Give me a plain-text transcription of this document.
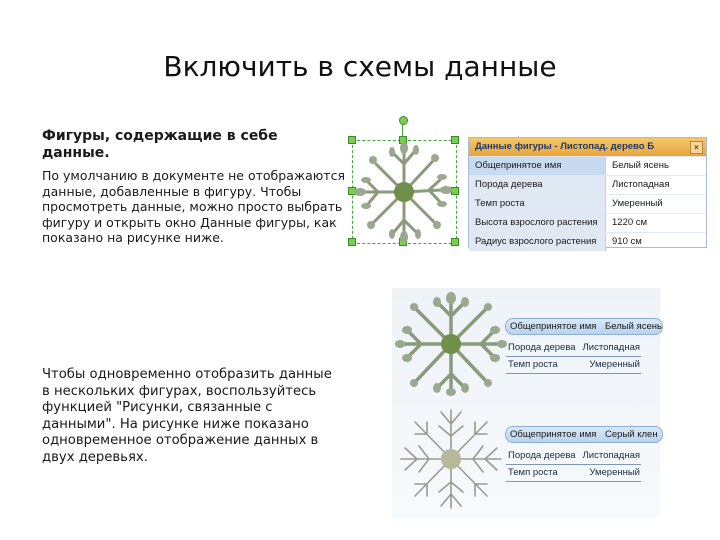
Включить в схемы данные
Фигуры, содержащие в себе данные.
По умолчанию в документе не отображаются данные, добавленные в фигуру. Чтобы просмотреть данные, можно просто выбрать фигуру и открыть окно Данные фигуры, как показано на рисунке ниже.
Чтобы одновременно отобразить данные в нескольких фигурах, воспользуйтесь функцией "Рисунки, связанные с данными". На рисунке ниже показано одновременное отображение данных в двух деревьях.
Данные фигуры - Листопад. дерево Б	×
Общепринятое имя	Белый ясень
Порода дерева	Листопадная
Темп роста	Умеренный
Высота взрослого растения	1220 см
Радиус взрослого растения	910 см
Общепринятое имя Белый ясень
Порода дерева Листопадная
Темп роста	Умеренный
Общепринятое имя Серый клен
Порода дерева Листопадная
Темп роста	Умеренный
